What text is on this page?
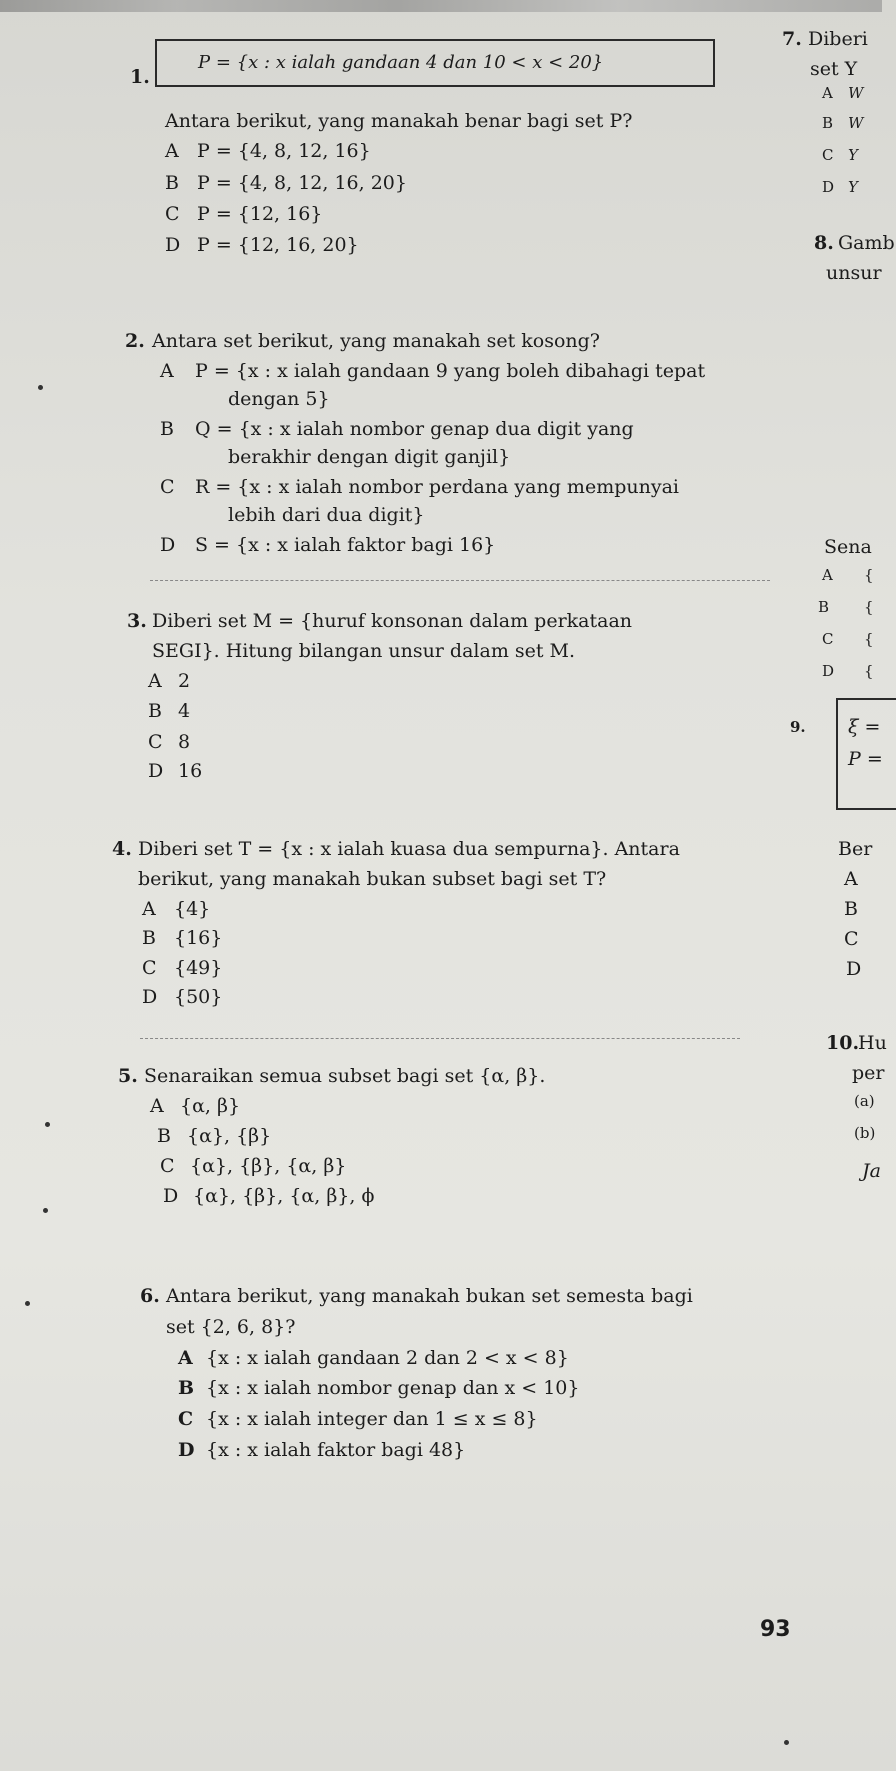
1.
P = {x : x ialah gandaan 4 dan 10 < x < 20}
Antara berikut, yang manakah benar bagi set P?
A P = {4, 8, 12, 16}
B P = {4, 8, 12, 16, 20}
C P = {12, 16}
D P = {12, 16, 20}
2. Antara set berikut, yang manakah set kosong?
A P = {x : x ialah gandaan 9 yang boleh dibahagi tepat
dengan 5}
B Q = {x : x ialah nombor genap dua digit yang
berakhir dengan digit ganjil}
C R = {x : x ialah nombor perdana yang mempunyai
lebih dari dua digit}
D S = {x : x ialah faktor bagi 16}
3. Diberi set M = {huruf konsonan dalam perkataan
SEGI}. Hitung bilangan unsur dalam set M.
A 2
B 4
C 8
D 16
4. Diberi set T = {x : x ialah kuasa dua sempurna}. Antara
berikut, yang manakah bukan subset bagi set T?
A {4}
B {16}
C {49}
D {50}
5. Senaraikan semua subset bagi set {α, β}.
A {α, β}
B {α}, {β}
C {α}, {β}, {α, β}
D {α}, {β}, {α, β}, ϕ
6. Antara berikut, yang manakah bukan set semesta bagi
set {2, 6, 8}?
A {x : x ialah gandaan 2 dan 2 < x < 8}
B {x : x ialah nombor genap dan x < 10}
C {x : x ialah integer dan 1 ≤ x ≤ 8}
D {x : x ialah faktor bagi 48}
93
7. Diberi
set Y
A W
B W
C Y
D Y
8. Gamb
unsur
Sena
A {
B {
C {
D {
9. ξ =
P =
Ber
A
B
C
D
10.
Hu
per
(a)
(b)
Ja
